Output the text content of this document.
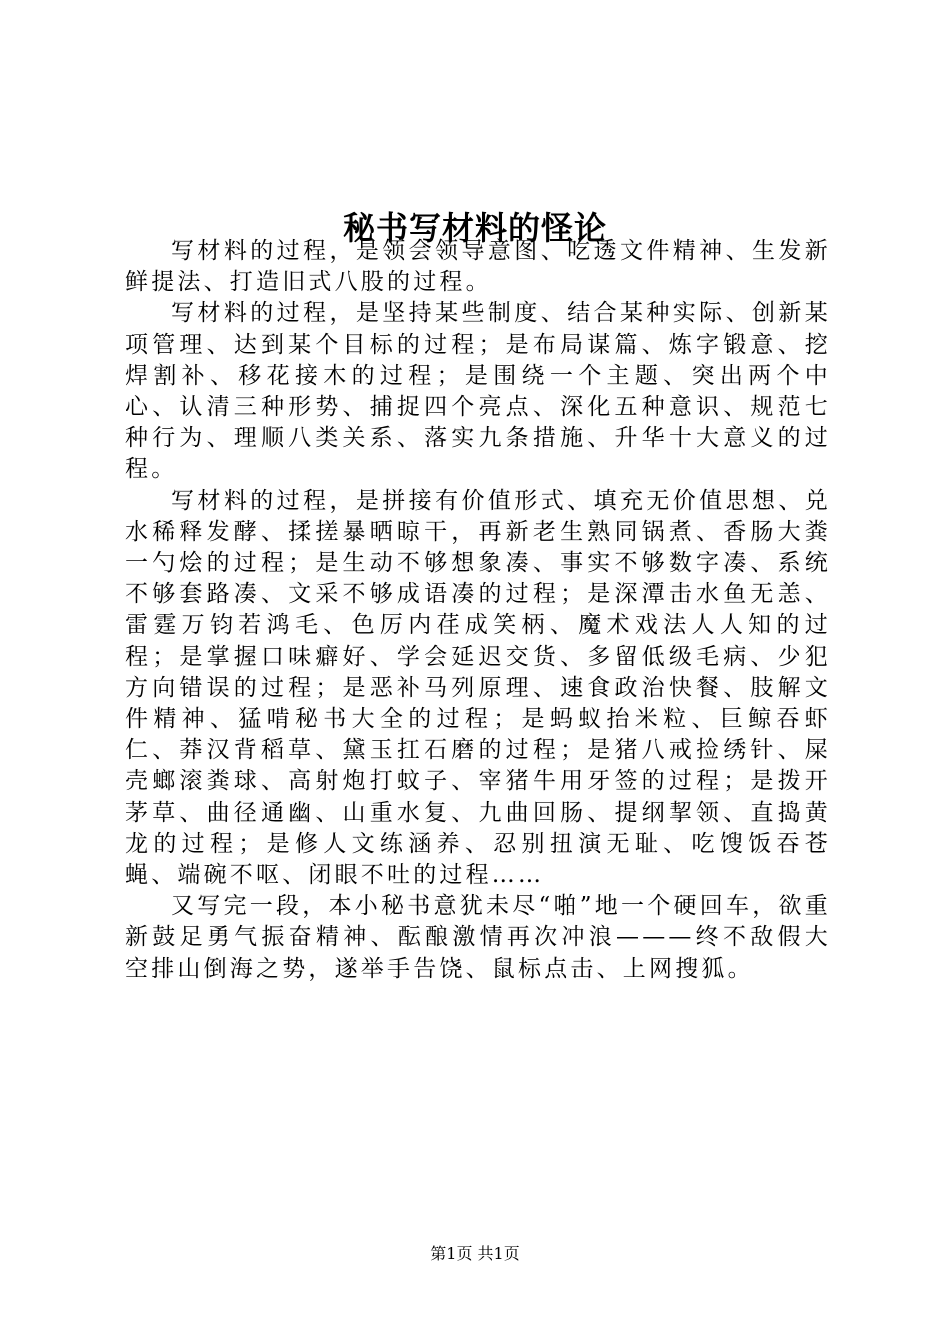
秘书写材料的怪论

写材料的过程，是领会领导意图、吃透文件精神、生发新鲜提法、打造旧式八股的过程。

写材料的过程，是坚持某些制度、结合某种实际、创新某项管理、达到某个目标的过程；是布局谋篇、炼字锻意、挖焊割补、移花接木的过程；是围绕一个主题、突出两个中心、认清三种形势、捕捉四个亮点、深化五种意识、规范七种行为、理顺八类关系、落实九条措施、升华十大意义的过程。

写材料的过程，是拼接有价值形式、填充无价值思想、兑水稀释发酵、揉搓暴晒晾干，再新老生熟同锅煮、香肠大粪一勺烩的过程；是生动不够想象凑、事实不够数字凑、系统不够套路凑、文采不够成语凑的过程；是深潭击水鱼无恙、雷霆万钧若鸿毛、色厉内荏成笑柄、魔术戏法人人知的过程；是掌握口味癖好、学会延迟交货、多留低级毛病、少犯方向错误的过程；是恶补马列原理、速食政治快餐、肢解文件精神、猛啃秘书大全的过程；是蚂蚁抬米粒、巨鲸吞虾仁、莽汉背稻草、黛玉扛石磨的过程；是猪八戒捡绣针、屎壳螂滚粪球、高射炮打蚊子、宰猪牛用牙签的过程；是拨开茅草、曲径通幽、山重水复、九曲回肠、提纲挈领、直捣黄龙的过程；是修人文练涵养、忍别扭演无耻、吃馊饭吞苍蝇、端碗不呕、闭眼不吐的过程……

又写完一段，本小秘书意犹未尽“啪”地一个硬回车，欲重新鼓足勇气振奋精神、酝酿激情再次冲浪———终不敌假大空排山倒海之势，遂举手告饶、鼠标点击、上网搜狐。

第1页 共1页
